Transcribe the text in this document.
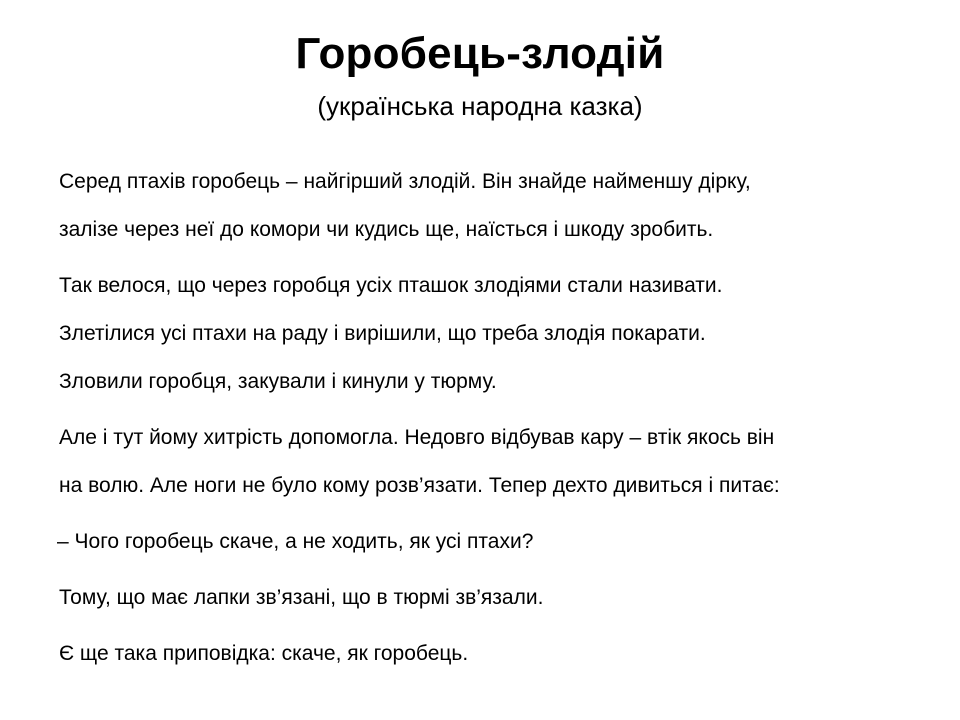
Горобець-злодій
(українська народна казка)
Серед птахів горобець – найгірший злодій. Він знайде найменшу дірку,
залізе через неї до комори чи кудись ще, наїсться і шкоду зробить.
Так велося, що через горобця усіх пташок злодіями стали називати.
Злетілися усі птахи на раду і вирішили, що треба злодія покарати.
Зловили горобця, закували і кинули у тюрму.
Але і тут йому хитрість допомогла. Недовго відбував кару – втік якось він
на волю. Але ноги не було кому розв’язати. Тепер дехто дивиться і питає:
– Чого горобець скаче, а не ходить, як усі птахи?
Тому, що має лапки зв’язані, що в тюрмі зв’язали.
Є ще така приповідка: скаче, як горобець.
